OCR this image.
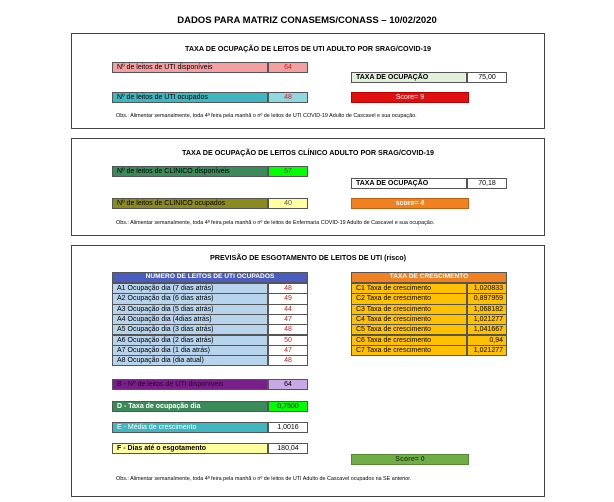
DADOS PARA MATRIZ CONASEMS/CONASS – 10/02/2020
TAXA DE OCUPAÇÃO DE LEITOS DE UTI ADULTO POR SRAG/COVID-19
Nº de leitos de UTI disponíveis	64
TAXA DE OCUPAÇÃO	75,00
Nº de leitos de UTI ocupados	48	Score= 9
Obs.: Alimentar semanalmente, toda 4ª feira pela manhã o nº de leitos de UTI COVID-19 Adulto de Cascavel e sua ocupação.
TAXA DE OCUPAÇÃO DE LEITOS CLÍNICO ADULTO POR SRAG/COVID-19
Nº de leitos de CLÍNICO disponíveis	57
TAXA DE OCUPAÇÃO	70,18
Nº de leitos de CLÍNICO ocupados	40	score= 4
Obs.: Alimentar semanalmente, toda 4ª feira pela manhã o nº de leitos de Enfermaria COVID-19 Adulto de Cascavel e sua ocupação.
PREVISÃO DE ESGOTAMENTO DE LEITOS DE UTI (risco)
NÚMERO DE LEITOS DE UTI OCUPADOS
A1 Ocupação dia (7 dias atrás)	48
A2 Ocupação dia (6 dias atrás)	49
A3 Ocupação dia (5 dias atrás)	44
A4 Ocupação dia (4dias atrás)	47
A5 Ocupação dia (3 dias atrás)	48
A6 Ocupação dia (2 dias atrás)	50
A7 Ocupação dia (1 dia atrás)	47
A8 Ocupação dia (dia atual)	48
TAXA DE CRESCIMENTO
C1 Taxa de crescimento	1,020833
C2 Taxa de crescimento	0,897959
C3 Taxa de crescimento	1,068182
C4 Taxa de crescimento	1,021277
C5 Taxa de crescimento	1,041667
C6 Taxa de crescimento	0,94
C7 Taxa de crescimento	1,021277
B - Nº de leitos de UTI disponíveis	64
D - Taxa de ocupação dia	0,7500
E - Média de crescimento	1,0016
F - Dias até o esgotamento	180,04
Score= 0
Obs.: Alimentar semanalmente, toda 4ª feira pela manhã o nº de leitos de UTI Adulto de Cascavel ocupados na SE anterior.
